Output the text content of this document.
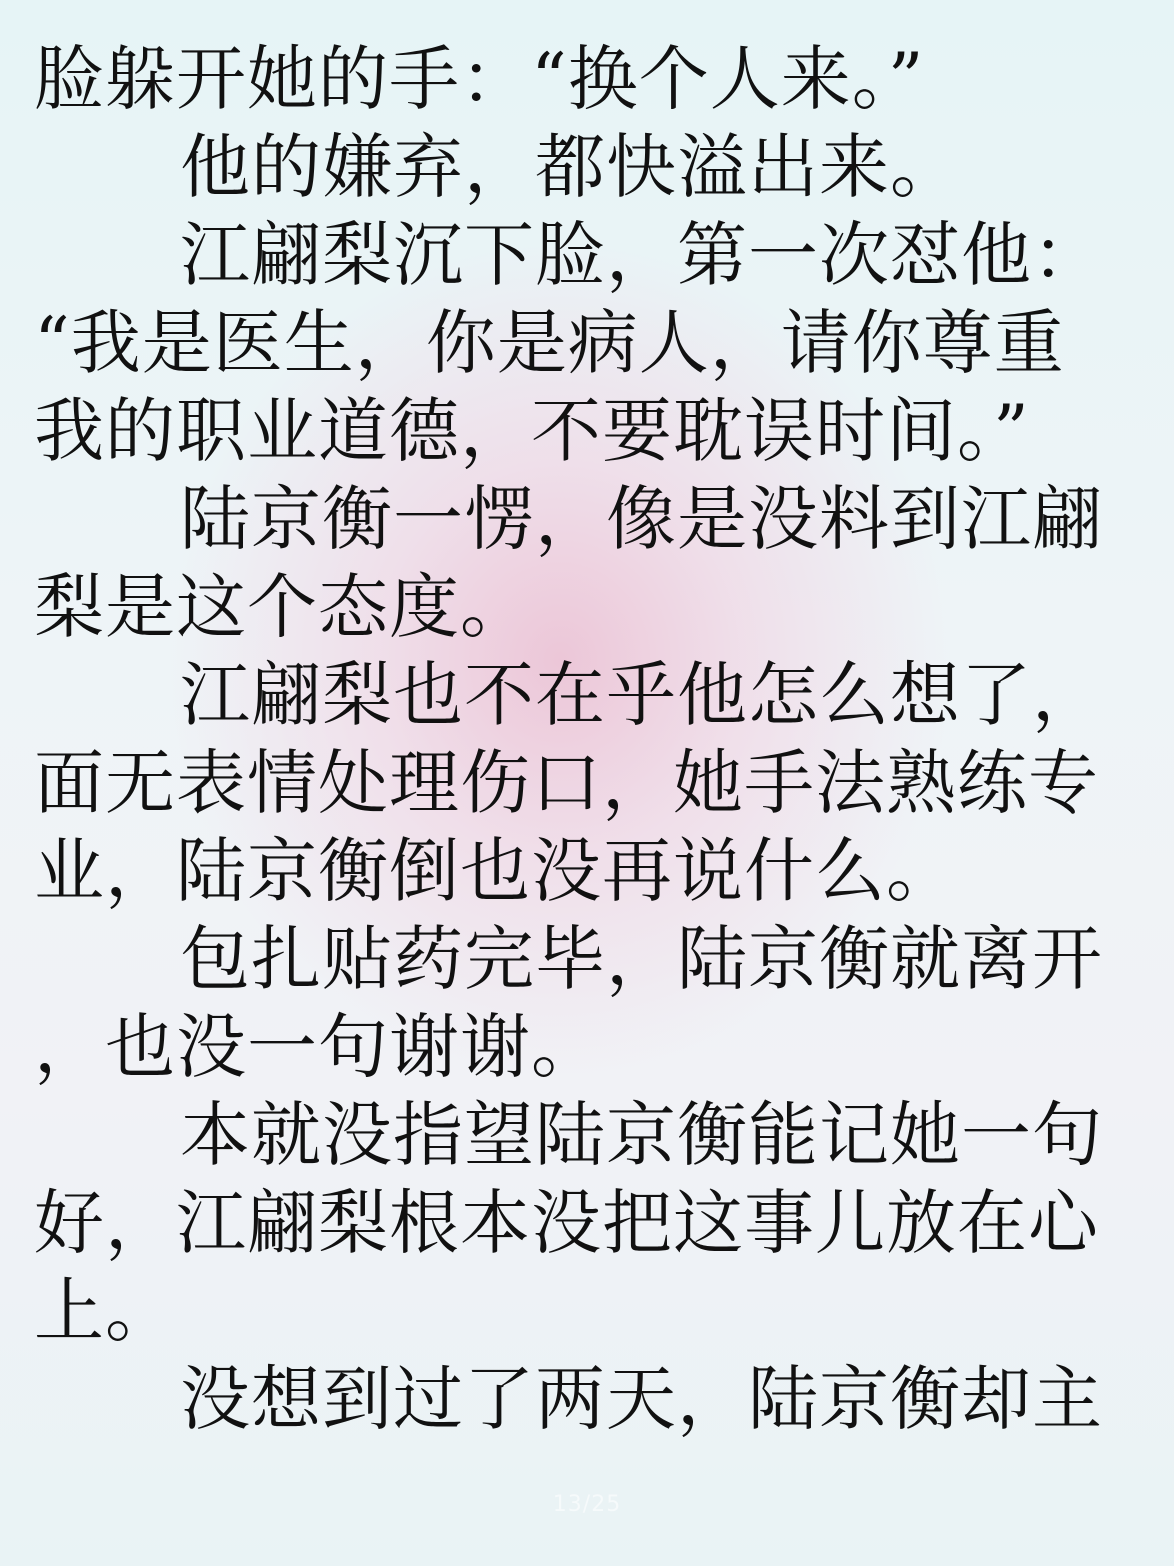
脸躲开她的手：“换个人来。”
他的嫌弃，都快溢出来。
江翩梨沉下脸，第一次怼他：
“我是医生，你是病人，请你尊重
我的职业道德，不要耽误时间。”
陆京衡一愣，像是没料到江翩
梨是这个态度。
江翩梨也不在乎他怎么想了，
面无表情处理伤口，她手法熟练专
业，陆京衡倒也没再说什么。
包扎贴药完毕，陆京衡就离开
，也没一句谢谢。
本就没指望陆京衡能记她一句
好，江翩梨根本没把这事儿放在心
上。
没想到过了两天，陆京衡却主
13/25
